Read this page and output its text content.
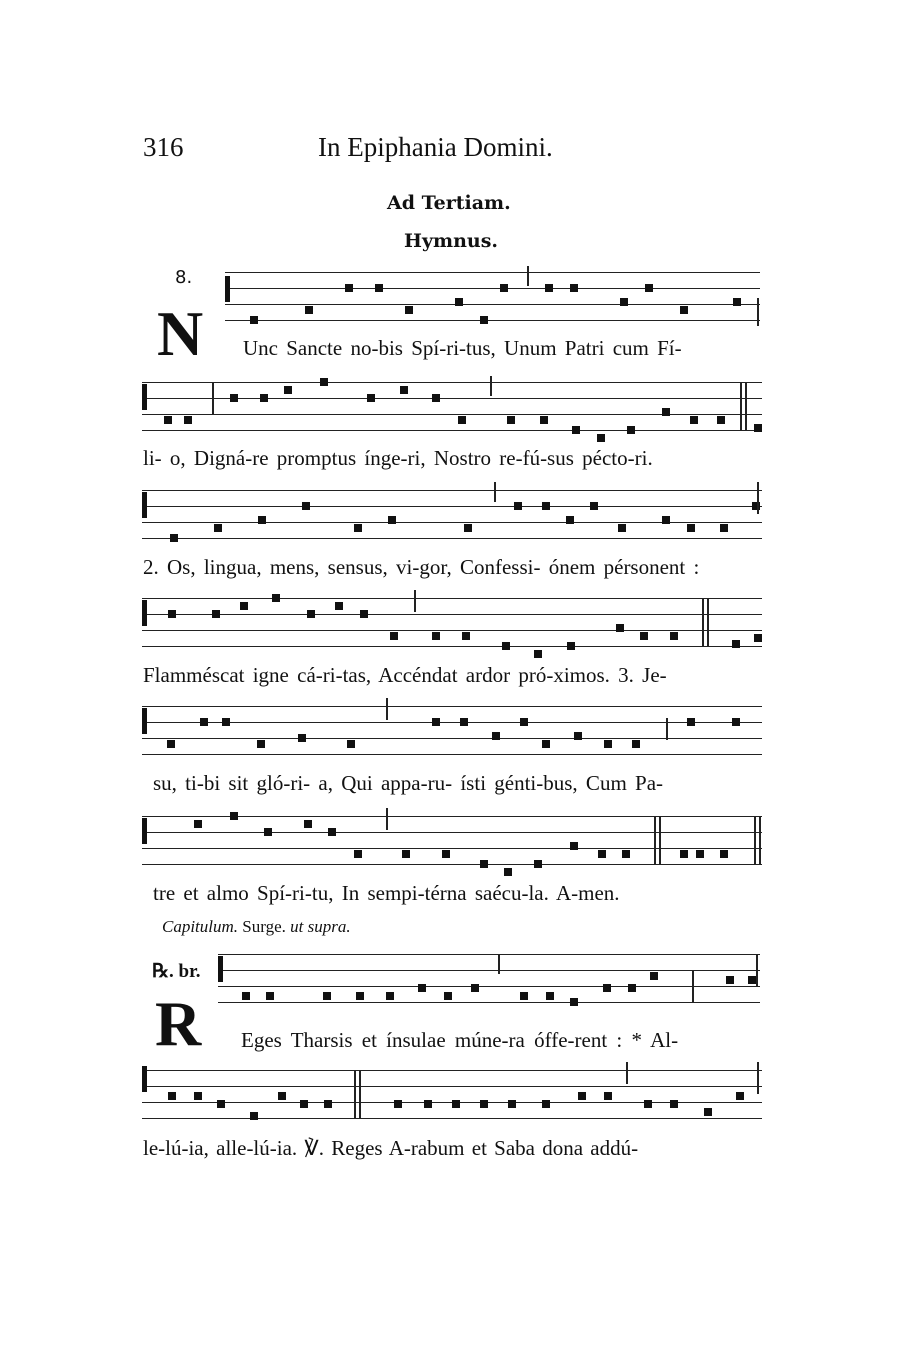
316	In Epiphania Domini.
Ad Tertiam.
Hymnus.
8.
N Unc Sancte no-bis Spí-ri-tus, Unum Patri cum Fí-
li- o, Digná-re promptus ínge-ri, Nostro re-fú-sus pécto-ri.
2. Os, lingua, mens, sensus, vi-gor, Confessi- ónem pérsonent :
Flamméscat igne cá-ri-tas, Accéndat ardor pró-ximos. 3. Je-
su, ti-bi sit gló-ri- a, Qui appa-ru- ísti génti-bus, Cum Pa-
tre et almo Spí-ri-tu, In sempi-térna saécu-la. A-men.
Capitulum. Surge. ut supra.
℞. br.
R Eges Tharsis et ínsulae múne-ra óffe-rent : * Al-
le-lú-ia, alle-lú-ia. ℣. Reges A-rabum et Saba dona addú-
